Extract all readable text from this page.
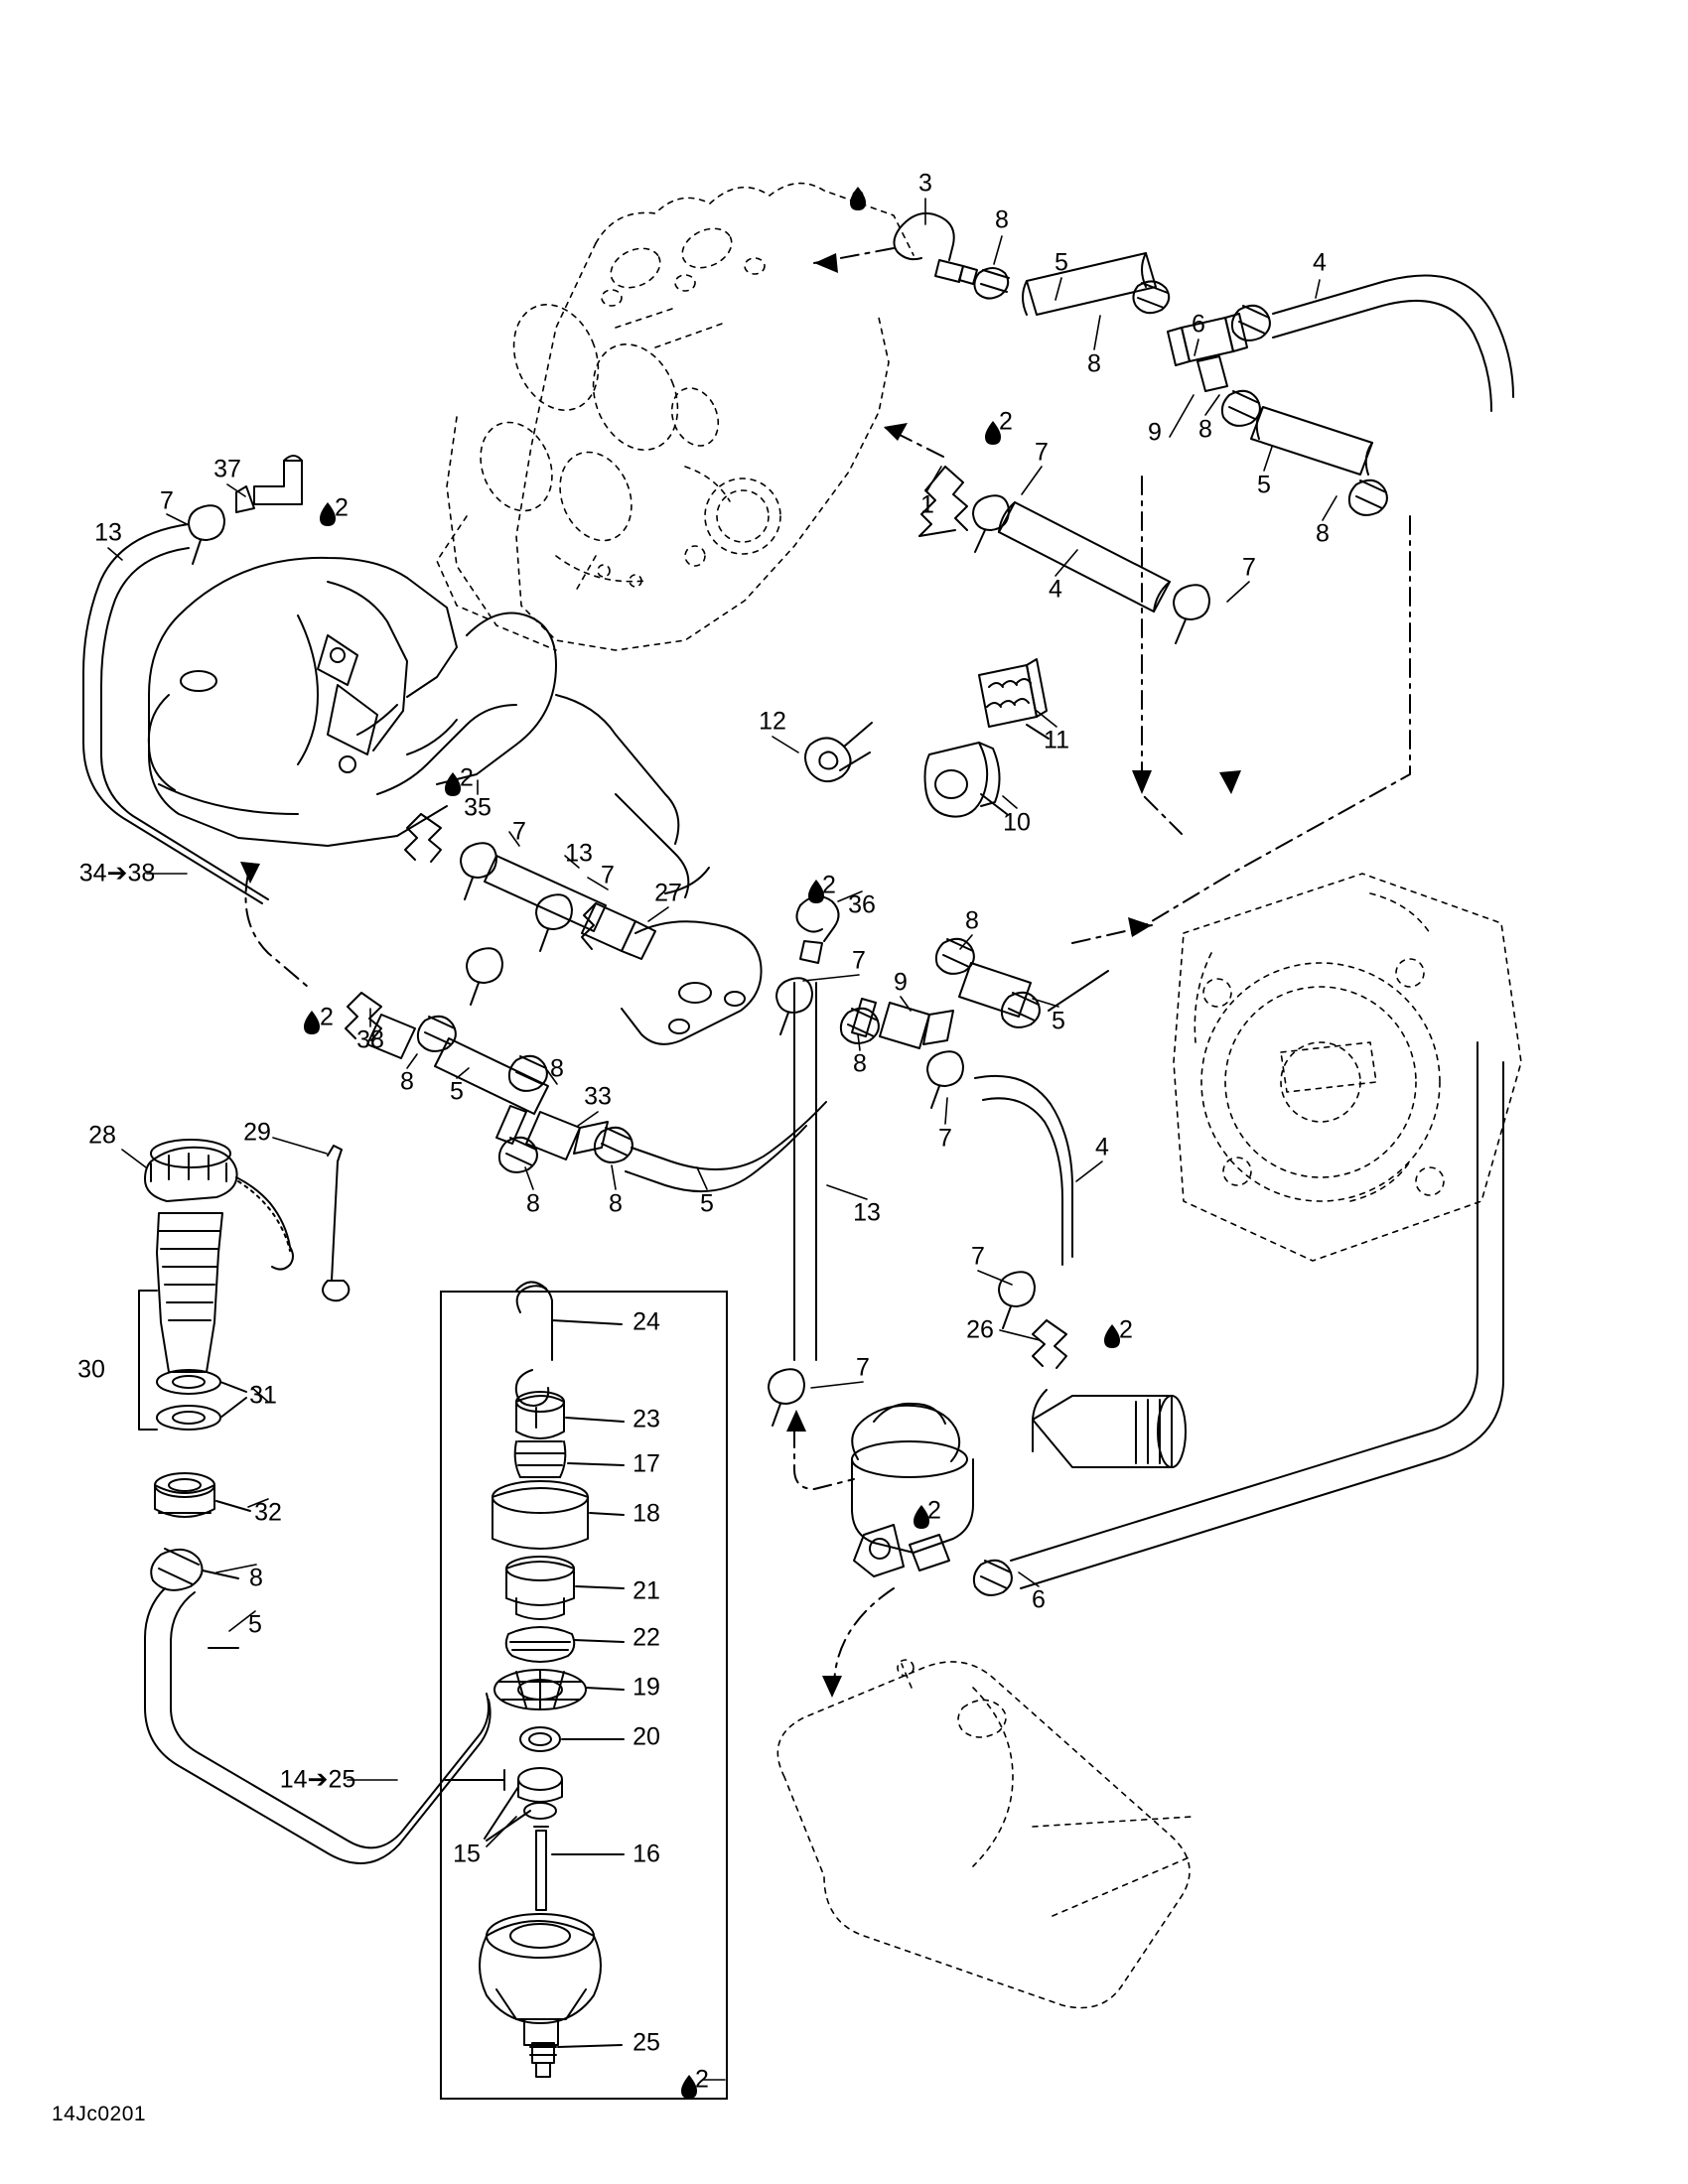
2
3
8
5	4
6
8
9 8
5
8
2
7
1
4
7
37
7	2
13
2
35
7
13
7
27
34➔38
2
38
8 5
8
33
8	8	5
12
11
10
2
36
7
8
9
5
8
7	4
13
7
7
26	2
2
6
28	29
30
31
32
8
5
24
23
17
18
21
22
19
20
14➔25
15	16
25
2
14Jc0201
